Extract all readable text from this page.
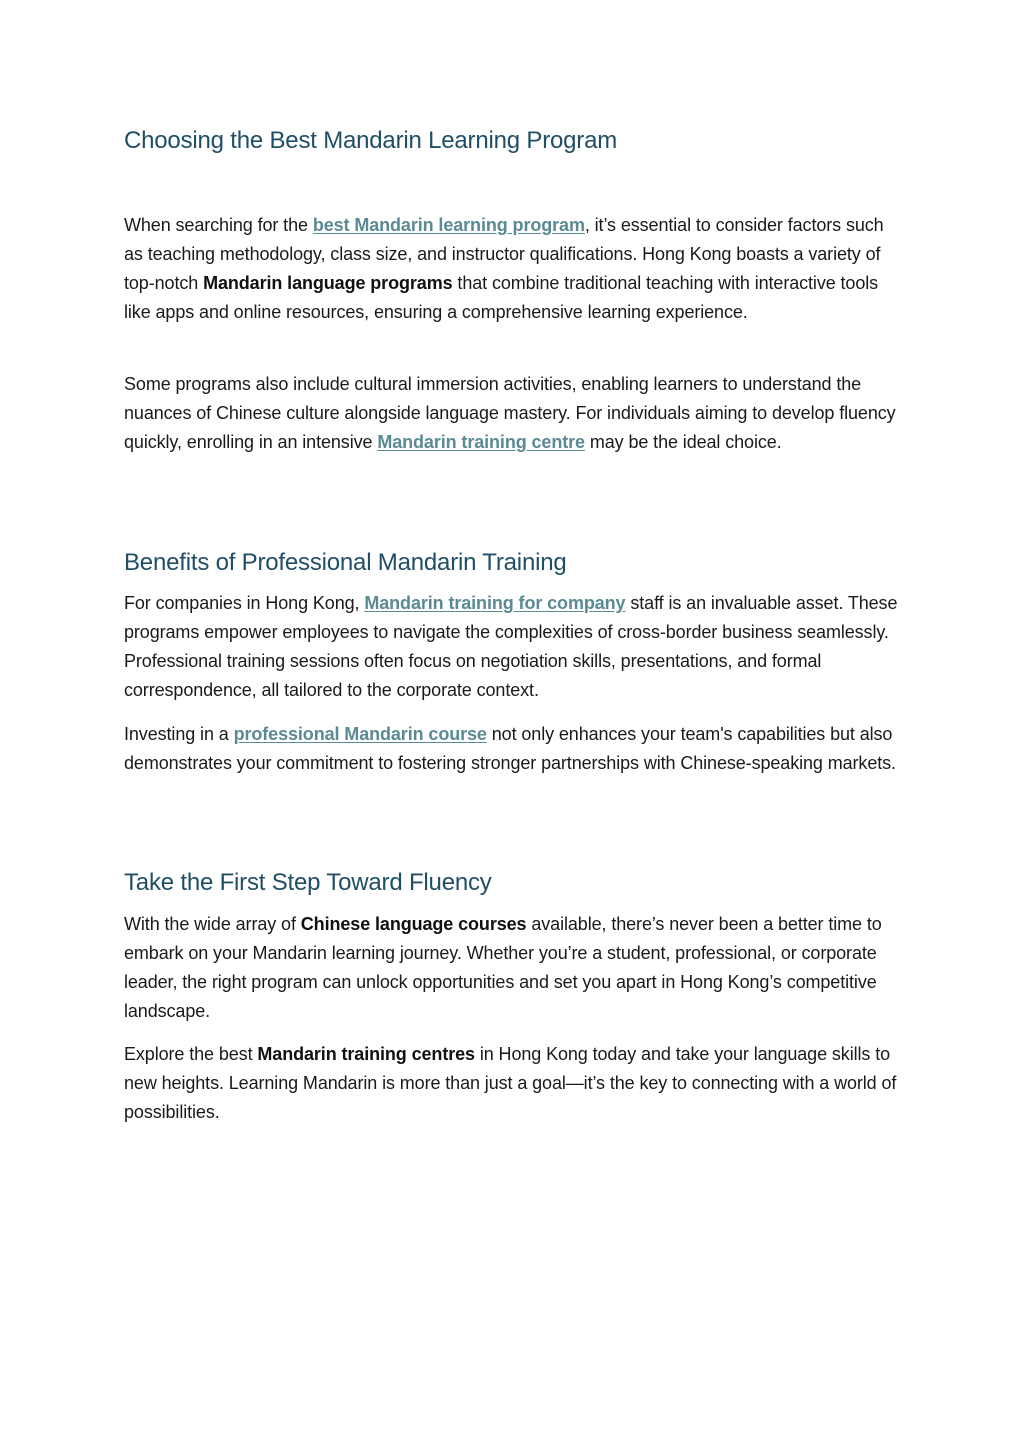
Choosing the Best Mandarin Learning Program

When searching for the best Mandarin learning program, it’s essential to consider factors such as teaching methodology, class size, and instructor qualifications. Hong Kong boasts a variety of top-notch Mandarin language programs that combine traditional teaching with interactive tools like apps and online resources, ensuring a comprehensive learning experience.

Some programs also include cultural immersion activities, enabling learners to understand the nuances of Chinese culture alongside language mastery. For individuals aiming to develop fluency quickly, enrolling in an intensive Mandarin training centre may be the ideal choice.

Benefits of Professional Mandarin Training

For companies in Hong Kong, Mandarin training for company staff is an invaluable asset. These programs empower employees to navigate the complexities of cross-border business seamlessly. Professional training sessions often focus on negotiation skills, presentations, and formal correspondence, all tailored to the corporate context.

Investing in a professional Mandarin course not only enhances your team's capabilities but also demonstrates your commitment to fostering stronger partnerships with Chinese-speaking markets.

Take the First Step Toward Fluency

With the wide array of Chinese language courses available, there’s never been a better time to embark on your Mandarin learning journey. Whether you’re a student, professional, or corporate leader, the right program can unlock opportunities and set you apart in Hong Kong’s competitive landscape.

Explore the best Mandarin training centres in Hong Kong today and take your language skills to new heights. Learning Mandarin is more than just a goal—it’s the key to connecting with a world of possibilities.
